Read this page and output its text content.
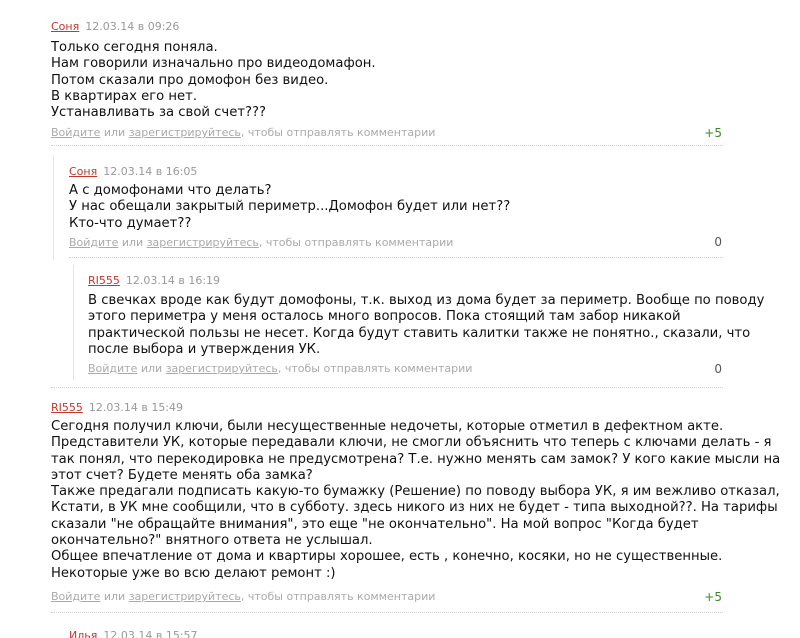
Соня 12.03.14 в 09:26
Только сегодня поняла.
Нам говорили изначально про видеодомафон.
Потом сказали про домофон без видео.
В квартирах его нет.
Устанавливать за свой счет???
Войдите или зарегистрируйтесь, чтобы отправлять комментарии	+5
Соня 12.03.14 в 16:05
А с домофонами что делать?
У нас обещали закрытый периметр...Домофон будет или нет??
Кто-что думает??
Войдите или зарегистрируйтесь, чтобы отправлять комментарии	0
RI555 12.03.14 в 16:19
В свечках вроде как будут домофоны, т.к. выход из дома будет за периметр. Вообще по поводу
этого периметра у меня осталось много вопросов. Пока стоящий там забор никакой
практической пользы не несет. Когда будут ставить калитки также не понятно., сказали, что
после выбора и утверждения УК.
Войдите или зарегистрируйтесь, чтобы отправлять комментарии	0
RI555 12.03.14 в 15:49
Сегодня получил ключи, были несущественные недочеты, которые отметил в дефектном акте.
Представители УК, которые передавали ключи, не смогли объяснить что теперь с ключами делать - я
так понял, что перекодировка не предусмотрена? Т.е. нужно менять сам замок? У кого какие мысли на
этот счет? Будете менять оба замка?
Также предагали подписать какую-то бумажку (Решение) по поводу выбора УК, я им вежливо отказал,
Кстати, в УК мне сообщили, что в субботу. здесь никого из них не будет - типа выходной??. На тарифы
сказали "не обращайте внимания", это еще "не окончательно". На мой вопрос "Когда будет
окончательно?" внятного ответа не услышал.
Общее впечатление от дома и квартиры хорошее, есть , конечно, косяки, но не существенные.
Некоторые уже во всю делают ремонт :)
Войдите или зарегистрируйтесь, чтобы отправлять комментарии	+5
Илья 12.03.14 в 15:57
